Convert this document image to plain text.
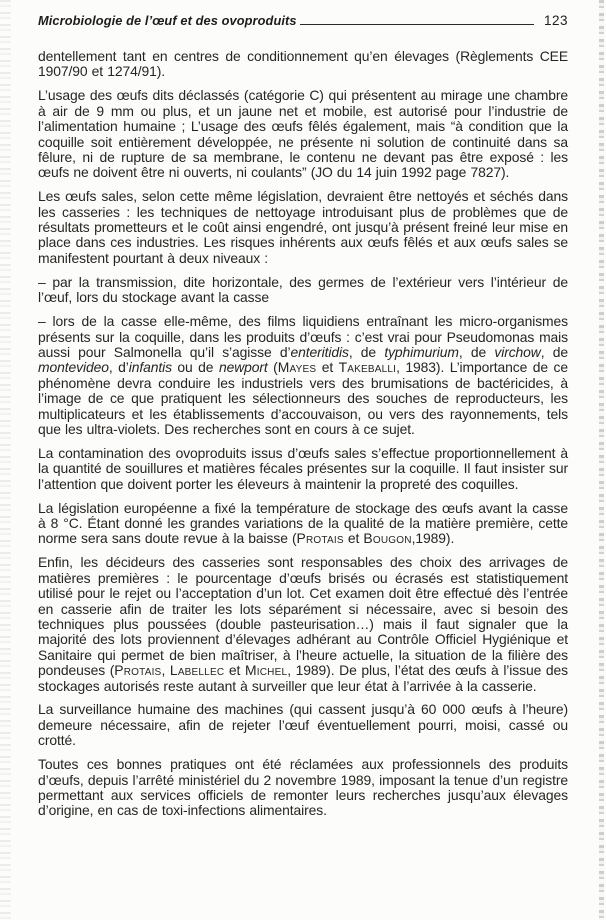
Microbiologie de l’œuf et des ovoproduits	123

dentellement tant en centres de conditionnement qu’en élevages (Règlements CEE 1907/90 et 1274/91).

L’usage des œufs dits déclassés (catégorie C) qui présentent au mirage une chambre à air de 9 mm ou plus, et un jaune net et mobile, est autorisé pour l’industrie de l’alimentation humaine ; L’usage des œufs fêlés également, mais “à condition que la coquille soit entièrement développée, ne présente ni solution de continuité dans sa fêlure, ni de rupture de sa membrane, le contenu ne devant pas être exposé : les œufs ne doivent être ni ouverts, ni coulants” (JO du 14 juin 1992 page 7827).

Les œufs sales, selon cette même législation, devraient être nettoyés et séchés dans les casseries : les techniques de nettoyage introduisant plus de problèmes que de résultats prometteurs et le coût ainsi engendré, ont jusqu’à présent freiné leur mise en place dans ces industries. Les risques inhérents aux œufs fêlés et aux œufs sales se manifestent pourtant à deux niveaux :

– par la transmission, dite horizontale, des germes de l’extérieur vers l’intérieur de l’œuf, lors du stockage avant la casse

– lors de la casse elle-même, des films liquidiens entraînant les micro-organismes présents sur la coquille, dans les produits d’œufs : c’est vrai pour Pseudomonas mais aussi pour Salmonella qu’il s’agisse d’enteritidis, de typhimurium, de virchow, de montevideo, d’infantis ou de newport (Mayes et Takeballi, 1983). L’importance de ce phénomène devra conduire les industriels vers des brumisations de bactéricides, à l’image de ce que pratiquent les sélectionneurs des souches de reproducteurs, les multiplicateurs et les établissements d’accouvaison, ou vers des rayonnements, tels que les ultra-violets. Des recherches sont en cours à ce sujet.

La contamination des ovoproduits issus d’œufs sales s’effectue proportionnellement à la quantité de souillures et matières fécales présentes sur la coquille. Il faut insister sur l’attention que doivent porter les éleveurs à maintenir la propreté des coquilles.

La législation européenne a fixé la température de stockage des œufs avant la casse à 8 °C. Étant donné les grandes variations de la qualité de la matière première, cette norme sera sans doute revue à la baisse (Protais et Bougon,1989).

Enfin, les décideurs des casseries sont responsables des choix des arrivages de matières premières : le pourcentage d’œufs brisés ou écrasés est statistiquement utilisé pour le rejet ou l’acceptation d’un lot. Cet examen doit être effectué dès l’entrée en casserie afin de traiter les lots séparément si nécessaire, avec si besoin des techniques plus poussées (double pasteurisation…) mais il faut signaler que la majorité des lots proviennent d’élevages adhérant au Contrôle Officiel Hygiénique et Sanitaire qui permet de bien maîtriser, à l’heure actuelle, la situation de la filière des pondeuses (Protais, Labellec et Michel, 1989). De plus, l’état des œufs à l’issue des stockages autorisés reste autant à surveiller que leur état à l’arrivée à la casserie.

La surveillance humaine des machines (qui cassent jusqu’à 60 000 œufs à l’heure) demeure nécessaire, afin de rejeter l’œuf éventuellement pourri, moisi, cassé ou crotté.

Toutes ces bonnes pratiques ont été réclamées aux professionnels des produits d’œufs, depuis l’arrêté ministériel du 2 novembre 1989, imposant la tenue d’un registre permettant aux services officiels de remonter leurs recherches jusqu’aux élevages d’origine, en cas de toxi-infections alimentaires.
